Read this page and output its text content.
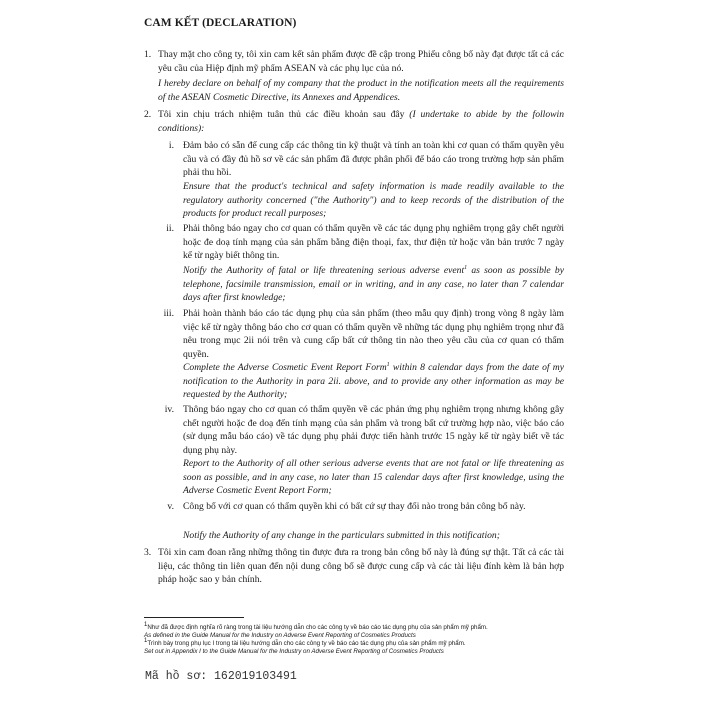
CAM KẾT (DECLARATION)
1. Thay mặt cho công ty, tôi xin cam kết sản phẩm được đề cập trong Phiếu công bố này đạt được tất cả các yêu cầu của Hiệp định mỹ phẩm ASEAN và các phụ lục của nó.
I hereby declare on behalf of my company that the product in the notification meets all the requirements of the ASEAN Cosmetic Directive, its Annexes and Appendices.
2. Tôi xin chịu trách nhiệm tuân thủ các điều khoản sau đây (I undertake to abide by the followin conditions):
i. Đảm bảo có sẵn để cung cấp các thông tin kỹ thuật và tính an toàn khi cơ quan có thẩm quyền yêu cầu và có đầy đủ hồ sơ về các sản phẩm đã được phân phối để báo cáo trong trường hợp sản phẩm phải thu hồi.
Ensure that the product's technical and safety information is made readily available to the regulatory authority concerned ("the Authority") and to keep records of the distribution of the products for product recall purposes;
ii. Phải thông báo ngay cho cơ quan có thẩm quyền về các tác dụng phụ nghiêm trọng gây chết người hoặc đe doạ tính mạng của sản phẩm bằng điện thoại, fax, thư điện tử hoặc văn bản trước 7 ngày kể từ ngày biết thông tin.
Notify the Authority of fatal or life threatening serious adverse event$^1$ as soon as possible by telephone, facsimile transmission, email or in writing, and in any case, no later than 7 calendar days after first knowledge;
iii. Phải hoàn thành báo cáo tác dụng phụ của sản phẩm (theo mẫu quy định) trong vòng 8 ngày làm việc kể từ ngày thông báo cho cơ quan có thẩm quyền về những tác dụng phụ nghiêm trọng như đã nêu trong mục 2ii nói trên và cung cấp bất cứ thông tin nào theo yêu cầu của cơ quan có thẩm quyền.
Complete the Adverse Cosmetic Event Report Form$^1$ within 8 calendar days from the date of my notification to the Authority in para 2ii. above, and to provide any other information as may be requested by the Authority;
iv. Thông báo ngay cho cơ quan có thẩm quyền về các phản ứng phụ nghiêm trọng nhưng không gây chết người hoặc đe doạ đến tính mạng của sản phẩm và trong bất cứ trường hợp nào, việc báo cáo (sử dụng mẫu báo cáo) về tác dụng phụ phải được tiến hành trước 15 ngày kể từ ngày biết về tác dụng phụ này.
Report to the Authority of all other serious adverse events that are not fatal or life threatening as soon as possible, and in any case, no later than 15 calendar days after first knowledge, using the Adverse Cosmetic Event Report Form;
v. Công bố với cơ quan có thẩm quyền khi có bất cứ sự thay đổi nào trong bản công bố này.
Notify the Authority of any change in the particulars submitted in this notification;
3. Tôi xin cam đoan rằng những thông tin được đưa ra trong bản công bố này là đúng sự thật. Tất cả các tài liệu, các thông tin liên quan đến nội dung công bố sẽ được cung cấp và các tài liệu đính kèm là bản hợp pháp hoặc sao y bản chính.
$^1$Như đã được định nghĩa rõ ràng trong tài liệu hướng dẫn cho các công ty về báo cáo tác dụng phụ của sản phẩm mỹ phẩm.
As defined in the Guide Manual for the Industry on Adverse Event Reporting of Cosmetics Products
$^1$Trình bày trong phụ lục I trong tài liệu hướng dẫn cho các công ty về báo cáo tác dụng phụ của sản phẩm mỹ phẩm.
Set out in Appendix I to the Guide Manual for the Industry on Adverse Event Reporting of Cosmetics Products
Mã hồ sơ: 162019103491
